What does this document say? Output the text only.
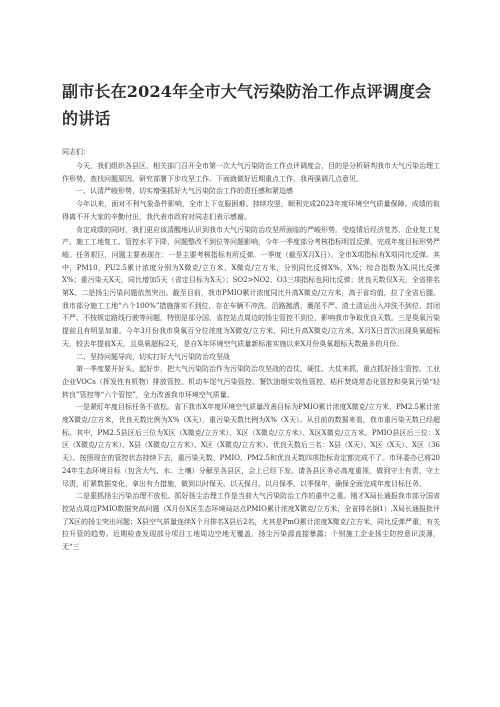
副市长在2024年全市大气污染防治工作点评调度会的讲话

同志们：

今天，我们组织各县区、相关部门召开全市第一次大气污染防治工作点评调度会，目的是分析研判我市大气污染治理工作形势，查找问题原因，研究部署下步攻坚工作。下面就做好近期重点工作，我再强调几点意见。

一、认清严峻形势，切实增强抓好大气污染防治工作的责任感和紧迫感

今年以来，面对不利气象条件影响，全市上下克服困难、持续攻坚，顺利完成2023年度环境空气质量保障。成绩的取得离不开大家的辛勤付出，我代表市政府对同志们表示感谢。

肯定成绩的同时，我们更应该清醒地认识到我市大气污染防治攻坚所面临的严峻形势。受疫情后经济复苏、企业复工复产、施工工地复工、管控水平下降、问题整改不到位等问题影响，今年一季度部分考核指标明显反弹，完成年度目标形势严峻。任务艰巨，问题主要表现在：一是主要考核指标有所反弹。一季度（截至X月X日），全市X项指标有X项同比反弹。其中，PM10、PU2.5累计浓度分别为X微克/立方米、X微克/立方米，分别同比反弹X%、X%；综合指数为X,同比反弹X%；重污染天X天，同比增加5天（省定目标为X天）；SO2>NO2、O3三项指标也同比反弹；优良天数仅X天，全省排名第X。二是扬尘污染问题依然突出。截至目前，我市PMIO累计浓度同比升高X微克/立方米，高于省均值，拉了全省后腿。我市部分施工工地“六个100%”措施落实不到位，存在车辆不冲洗、沿路抛洒、裹尾不严、渣土清运出入冲洗不到位、封闭不严、不按规定路线行驶等问题，特别是部分国、省控站点周边的扬尘管控不到位，影响我市争取优良天数。三是臭氧污染提前且有明显加重。今年3月份我市臭氧百分位浓度为X微克/立方米，同比升高X微克/立方米，X月X日首次出现臭氧超标天，较去年提前X天，且臭氧超标2天，是自X年环境空气质量新标准实施以来X月份臭氧超标天数最多的月份。

二、坚持问题导向，切实打好大气污染防治攻坚战

第一季度要开好头、起好步，把大气污染防治作为污染防治攻坚战的首仗、硬仗、大仗来抓，重点抓好扬尘管控、工业企业VOCs（挥发性有机物）排放管控、机动车尾气污染管控、餐饮油烟实效性管控、秸秆焚烧常态化管控和臭氧污染“轻转良”管控等“六个管控”，全力改善我市环境空气质量。

一是紧盯年度目标任务不放松。省下我市X年度环境空气质量改善目标为PMIO累计浓度X微克/立方米，PM2.5累计浓度X微克/立方米，优良天数比例为X%（X天），重污染天数比例为X%（X天）。从目前的数据来看，我市重污染天数已经超标。其中，PM2.5县区后三位为X区（X微克/立方米）、X区（X微克/立方米）、X区X微克/立方米。PMIO县区后三位：X区（X微克/立方米）、X县（X微克/立方米）、X区（X微克/立方米）。优良天数后三名：X县（X天）、X区（X天）、X区（36天）。按照现在的管控状态持续下去，重污染天数、PMIO、PM2.5和优良天数四项指标肯定都完成不了。市环委办已将2024年生态环境目标（包含大气、水、土壤）分解至各县区，会上已经下发。请各县区务必高度重视，做到守土有责、守土尽责，盯紧数据变化，拿出有力措施，做到以时保天、以天保月、以月保季、以季保年，确保全面完成年度目标任务。

二是狠抓扬尘污染治理不放松。抓好扬尘治理工作是当前大气污染防治工作的重中之重。刚才X局长通报我市部分国省控站点周边PMIO数据突高问题（X月份X区生态环境局站点PMIO累计浓度X微克/立方米，全省排名倒1）,X局长通报批评了X区的扬尘突出问题；X县空气质量连续X个月排名X县后2名，尤其是PmO累计浓度X微克/立方米，同比反弹严重，有关拉升管的趋势。近期检查发现部分项目工地周边空地无覆盖，扬尘污染源直接暴露；个别施工企业扬尘防控意识淡薄，无“三
